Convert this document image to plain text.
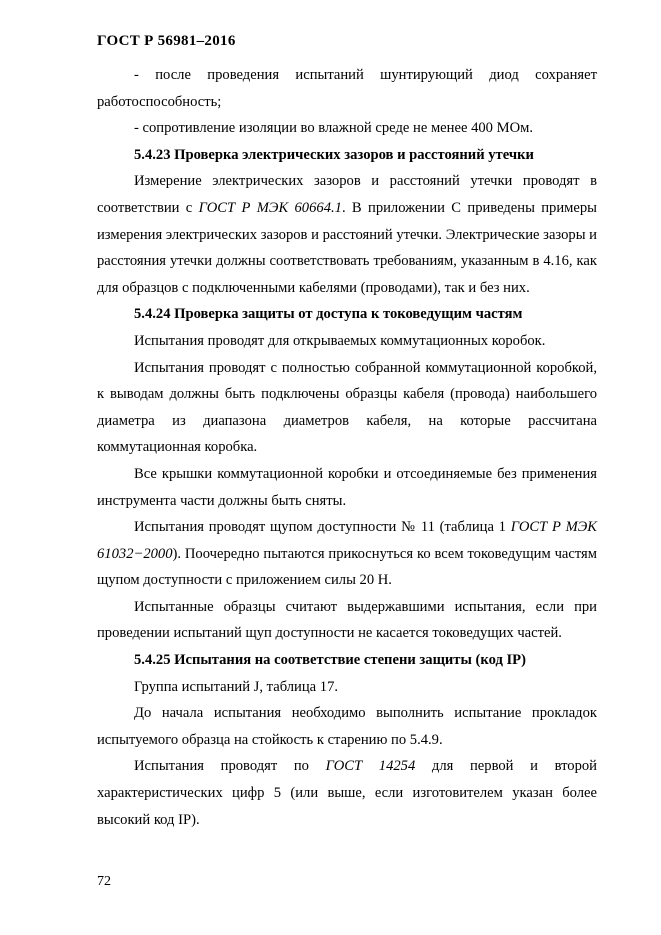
ГОСТ Р 56981–2016

- после проведения испытаний шунтирующий диод сохраняет работоспособность;

- сопротивление изоляции во влажной среде не менее 400 МОм.

5.4.23 Проверка электрических зазоров и расстояний утечки

Измерение электрических зазоров и расстояний утечки проводят в соответствии с ГОСТ Р МЭК 60664.1. В приложении С приведены примеры измерения электрических зазоров и расстояний утечки. Электрические зазоры и расстояния утечки должны соответствовать требованиям, указанным в 4.16, как для образцов с подключенными кабелями (проводами), так и без них.

5.4.24 Проверка защиты от доступа к токоведущим частям

Испытания проводят для открываемых коммутационных коробок.

Испытания проводят с полностью собранной коммутационной коробкой, к выводам должны быть подключены образцы кабеля (провода) наибольшего диаметра из диапазона диаметров кабеля, на которые рассчитана коммутационная коробка.

Все крышки коммутационной коробки и отсоединяемые без применения инструмента части должны быть сняты.

Испытания проводят щупом доступности № 11 (таблица 1 ГОСТ Р МЭК 61032−2000). Поочередно пытаются прикоснуться ко всем токоведущим частям щупом доступности с приложением силы 20 Н.

Испытанные образцы считают выдержавшими испытания, если при проведении испытаний щуп доступности не касается токоведущих частей.

5.4.25 Испытания на соответствие степени защиты (код IP)

Группа испытаний J, таблица 17.

До начала испытания необходимо выполнить испытание прокладок испытуемого образца на стойкость к старению по 5.4.9.

Испытания проводят по ГОСТ 14254 для первой и второй характеристических цифр 5 (или выше, если изготовителем указан более высокий код IP).

72
